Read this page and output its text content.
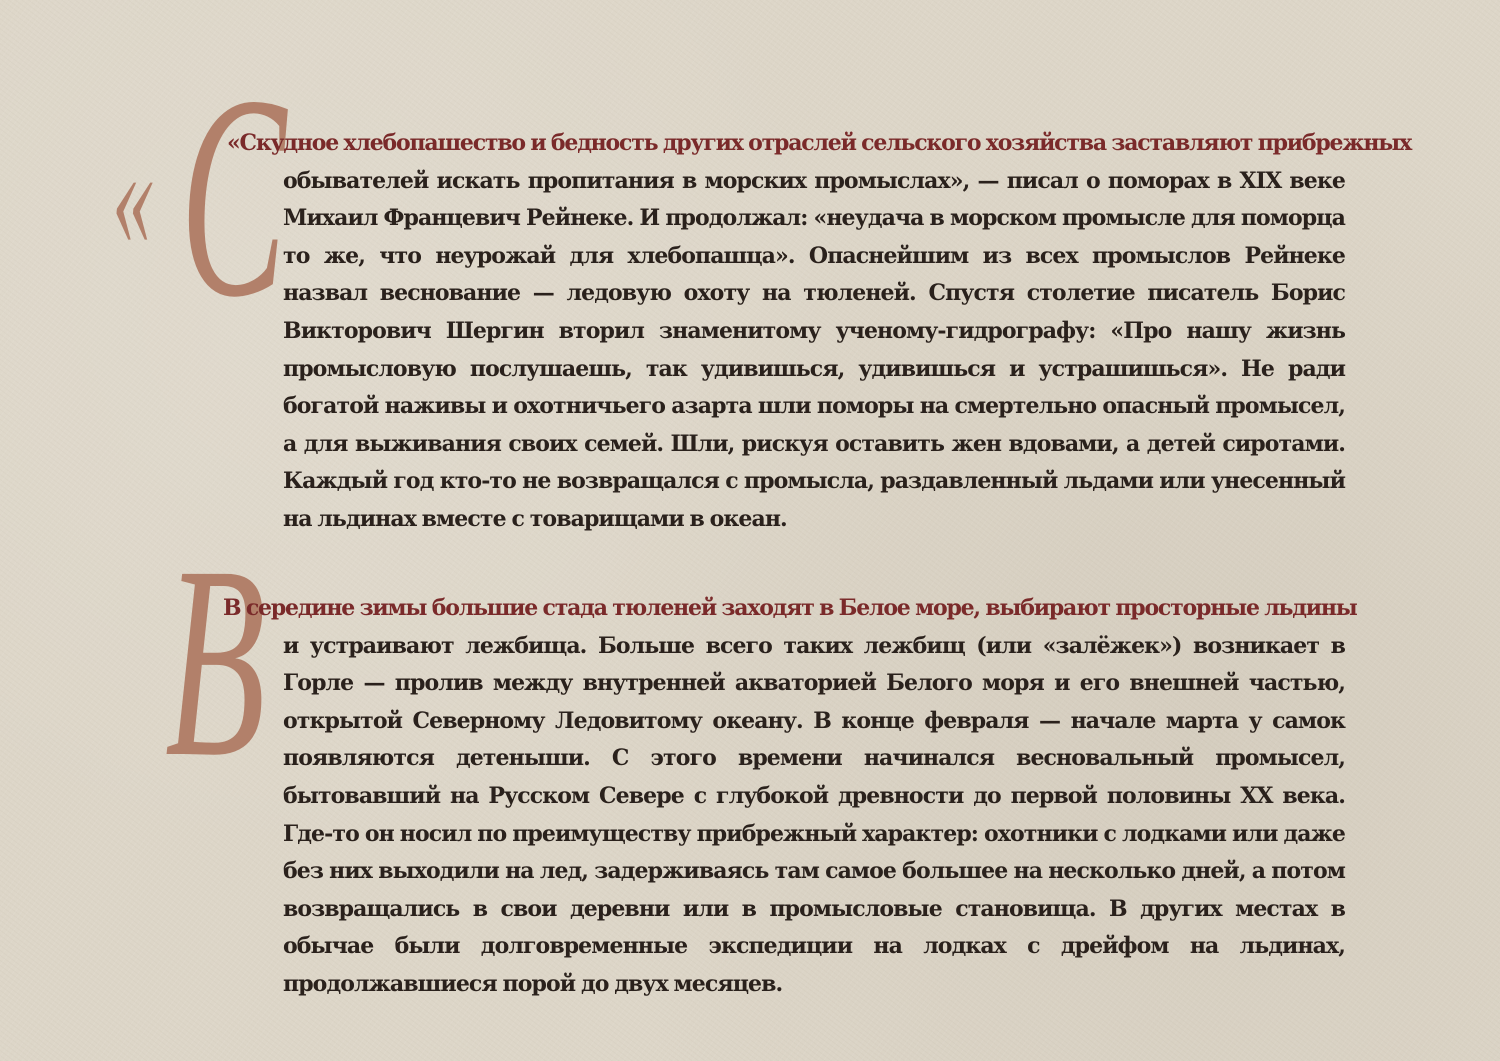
« С
«Скудное хлебопашество и бедность других отраслей сельского хозяйства заставляют прибрежных
обывателей искать пропитания в морских промыслах», — писал о поморах в XIX веке Михаил Францевич Рейнеке. И продолжал: «неудача в морском промысле для поморца то же, что неурожай для хлебопашца». Опаснейшим из всех промыслов Рейнеке назвал веснование — ледовую охоту на тюленей. Спустя столетие писатель Борис Викторович Шергин вторил знаменитому ученому-гидрографу: «Про нашу жизнь промысловую послушаешь, так удивишься, удивишься и устрашишься». Не ради богатой наживы и охотничьего азарта шли поморы на смертельно опасный промысел, а для выживания своих семей. Шли, рискуя оставить жен вдовами, а детей сиротами. Каждый год кто-то не возвращался с промысла, раздавленный льдами или унесенный на льдинах вместе с товарищами в океан.
В
В середине зимы большие стада тюленей заходят в Белое море, выбирают просторные льдины
и устраивают лежбища. Больше всего таких лежбищ (или «залёжек») возникает в Горле — пролив между внутренней акваторией Белого моря и его внешней частью, открытой Северному Ледовитому океану. В конце февраля — начале марта у самок появляются детеныши. С этого времени начинался весновальный промысел, бытовавший на Русском Севере с глубокой древности до первой половины XX века. Где-то он носил по преимуществу прибрежный характер: охотники с лодками или даже без них выходили на лед, задерживаясь там самое большее на несколько дней, а потом возвращались в свои деревни или в промысловые становища. В других местах в обычае были долговременные экспедиции на лодках с дрейфом на льдинах, продолжавшиеся порой до двух месяцев.
